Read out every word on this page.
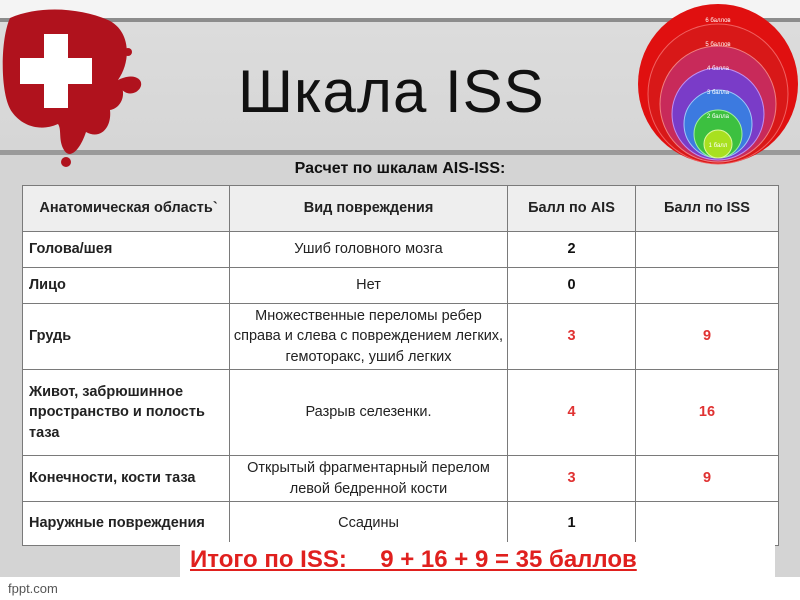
Шкала ISS
6 баллов
5 баллов
4 балла
3 балла
2 балла
1 балл
Расчет по шкалам AIS-ISS:
Анатомическая область`	Вид повреждения	Балл по AIS	Балл по ISS
Голова/шея	Ушиб головного мозга	2	
Лицо	Нет	0	
Грудь	Множественные переломы ребер справа и слева с повреждением легких, гемоторакс, ушиб легких	3	9
Живот, забрюшинное пространство и полость таза	Разрыв селезенки.	4	16
Конечности, кости таза	Открытый фрагментарный перелом левой бедренной кости	3	9
Наружные повреждения	Ссадины	1	
Итого по ISS:     9 + 16 + 9 = 35 баллов
fppt.com
